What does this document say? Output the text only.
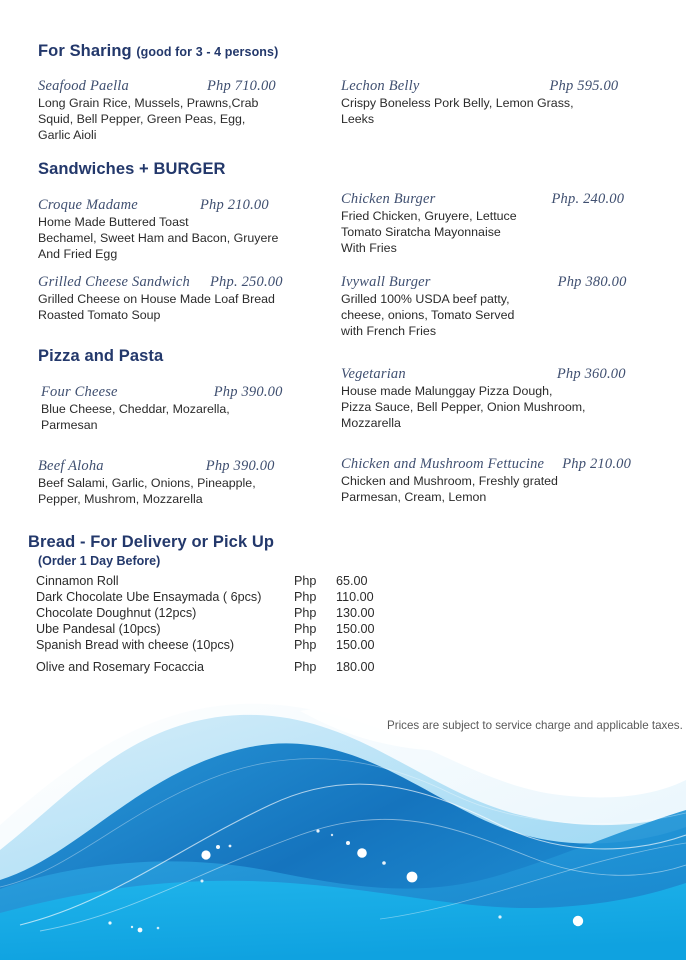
For Sharing (good for 3 - 4 persons)
Seafood Paella	Php 710.00
Long Grain Rice, Mussels, Prawns,Crab
Squid, Bell Pepper, Green Peas, Egg,
Garlic Aioli
Lechon Belly	Php 595.00
Crispy Boneless Pork Belly, Lemon Grass,
Leeks
Sandwiches + BURGER
Croque Madame	Php 210.00
Home Made Buttered Toast
Bechamel, Sweet Ham and Bacon, Gruyere
And Fried Egg
Chicken Burger	Php. 240.00
Fried Chicken, Gruyere, Lettuce
Tomato Siratcha Mayonnaise
With Fries
Grilled Cheese Sandwich Php. 250.00
Grilled Cheese on House Made Loaf Bread
Roasted Tomato Soup
Ivywall Burger	Php 380.00
Grilled 100% USDA beef patty,
cheese, onions, Tomato Served
with French Fries
Pizza and Pasta
Four Cheese	Php 390.00
Blue Cheese, Cheddar, Mozarella,
Parmesan
Vegetarian	Php 360.00
House made Malunggay Pizza Dough,
Pizza Sauce, Bell Pepper, Onion Mushroom,
Mozzarella
Beef Aloha	Php 390.00
Beef Salami, Garlic, Onions, Pineapple,
Pepper, Mushrom, Mozzarella
Chicken and Mushroom Fettucine Php 210.00
Chicken and Mushroom, Freshly grated
Parmesan, Cream, Lemon
Bread - For Delivery or Pick Up
(Order 1 Day Before)
Cinnamon Roll	Php	65.00
Dark Chocolate Ube Ensaymada ( 6pcs)	Php	110.00
Chocolate Doughnut (12pcs)	Php	130.00
Ube Pandesal (10pcs)	Php	150.00
Spanish Bread with cheese (10pcs)	Php	150.00
Olive and Rosemary Focaccia	Php	180.00
Prices are subject to service charge and applicable taxes.
